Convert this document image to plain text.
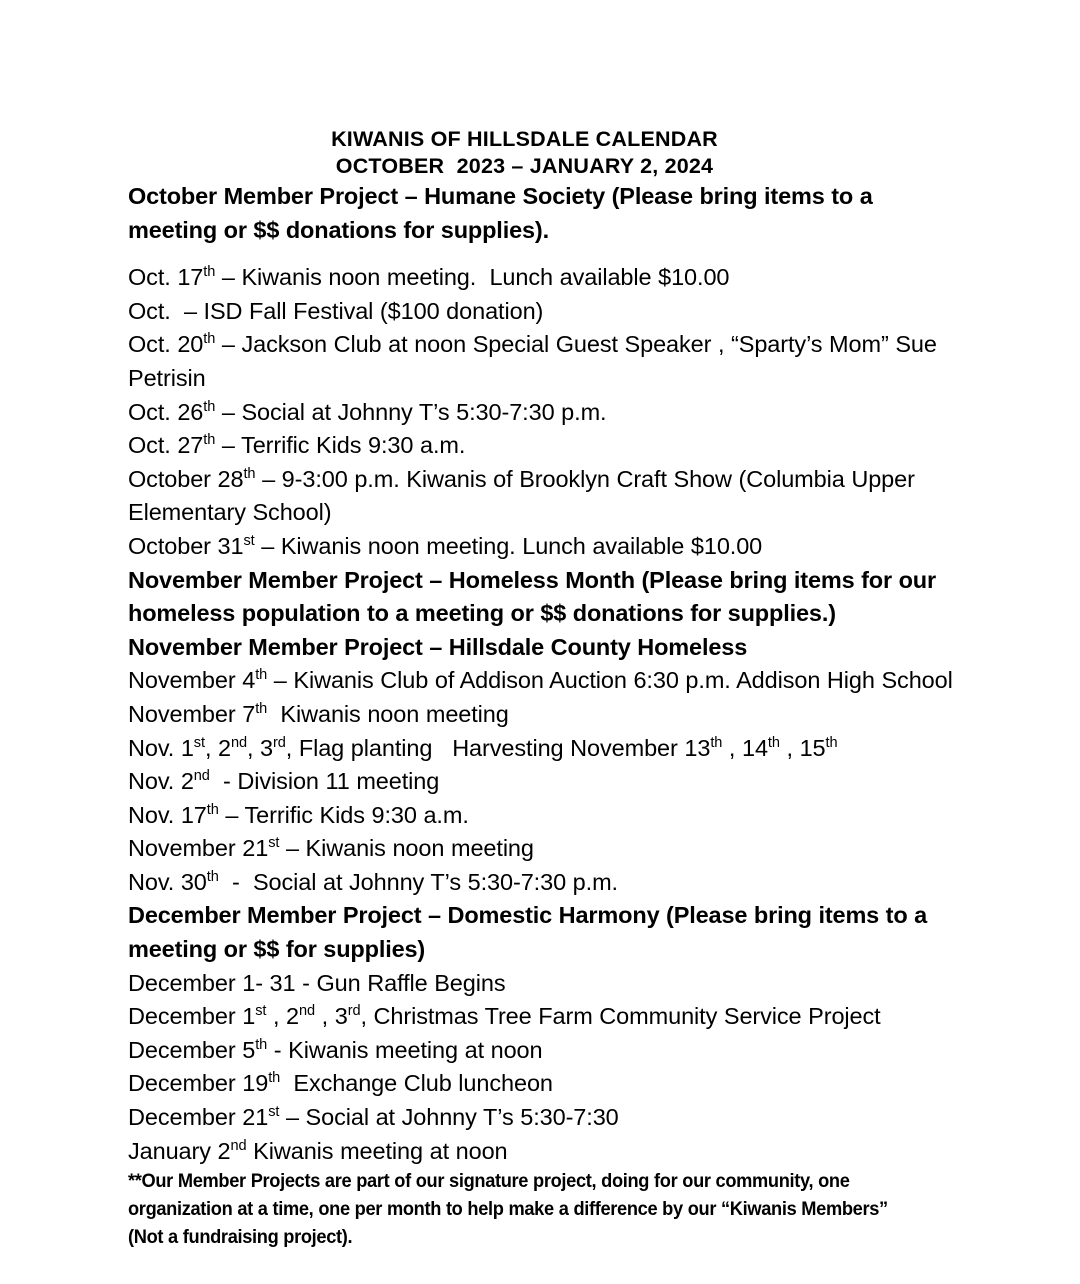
KIWANIS OF HILLSDALE CALENDAR
OCTOBER  2023 – JANUARY 2, 2024
October Member Project – Humane Society (Please bring items to a meeting or $$ donations for supplies).
Oct. 17th – Kiwanis noon meeting.  Lunch available $10.00
Oct.  – ISD Fall Festival ($100 donation)
Oct. 20th – Jackson Club at noon Special Guest Speaker , “Sparty’s Mom” Sue Petrisin
Oct. 26th – Social at Johnny T’s 5:30-7:30 p.m.
Oct. 27th – Terrific Kids 9:30 a.m.
October 28th – 9-3:00 p.m. Kiwanis of Brooklyn Craft Show (Columbia Upper Elementary School)
October 31st – Kiwanis noon meeting. Lunch available $10.00
November Member Project – Homeless Month (Please bring items for our homeless population to a meeting or $$ donations for supplies.)
November Member Project – Hillsdale County Homeless
November 4th – Kiwanis Club of Addison Auction 6:30 p.m. Addison High School
November 7th  Kiwanis noon meeting
Nov. 1st, 2nd, 3rd, Flag planting   Harvesting November 13th , 14th , 15th
Nov. 2nd  - Division 11 meeting
Nov. 17th – Terrific Kids 9:30 a.m.
November 21st – Kiwanis noon meeting
Nov. 30th  -  Social at Johnny T’s 5:30-7:30 p.m.
December Member Project – Domestic Harmony (Please bring items to a meeting or $$ for supplies)
December 1- 31 - Gun Raffle Begins
December 1st , 2nd , 3rd, Christmas Tree Farm Community Service Project
December 5th - Kiwanis meeting at noon
December 19th  Exchange Club luncheon
December 21st – Social at Johnny T’s 5:30-7:30
January 2nd Kiwanis meeting at noon
**Our Member Projects are part of our signature project, doing for our community, one organization at a time, one per month to help make a difference by our “Kiwanis Members”  (Not a fundraising project).
